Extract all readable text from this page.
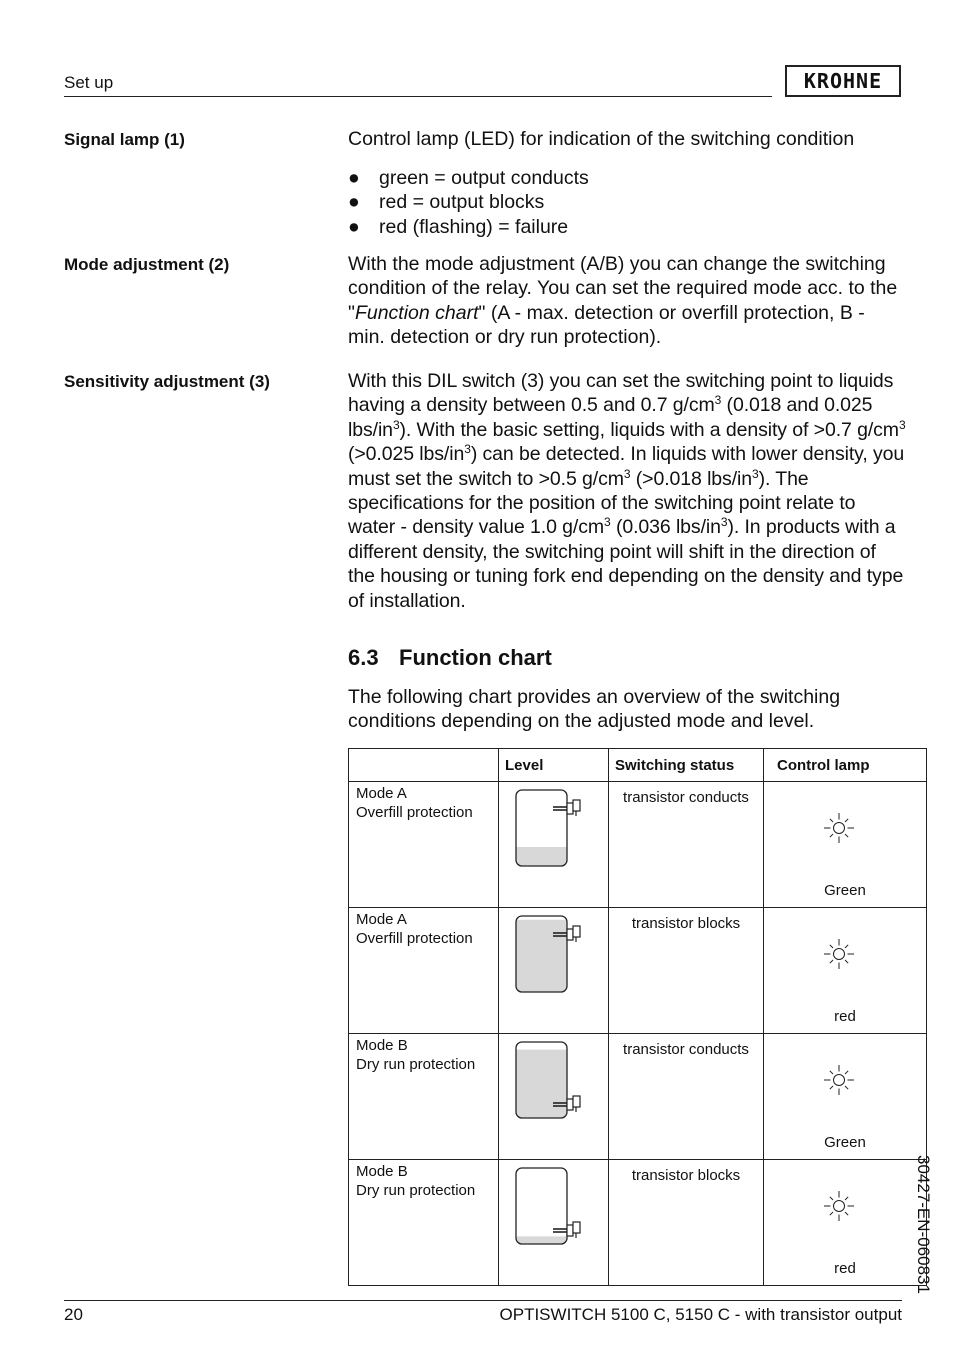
Set up	KROHNE
Signal lamp (1)	Control lamp (LED) for indication of the switching condition
● green = output conducts
● red = output blocks
● red (flashing) = failure
Mode adjustment (2)	With the mode adjustment (A/B) you can change the switching condition of the relay. You can set the required mode acc. to the "Function chart" (A - max. detection or overfill protection, B - min. detection or dry run protection).
Sensitivity adjustment (3)	With this DIL switch (3) you can set the switching point to liquids having a density between 0.5 and 0.7 $g/cm^3$ (0.018 and 0.025 lbs/$in^3$). With the basic setting, liquids with a density of >0.7 $g/cm^3$ (>0.025 lbs/$in^3$) can be detected. In liquids with lower density, you must set the switch to >0.5 $g/cm^3$ (>0.018 lbs/$in^3$). The specifications for the position of the switching point relate to water - density value 1.0 $g/cm^3$ (0.036 lbs/$in^3$). In products with a different density, the switching point will shift in the direction of the housing or tuning fork end depending on the density and type of installation.
6.3 Function chart
The following chart provides an overview of the switching conditions depending on the adjusted mode and level.
	Level	Switching status	Control lamp

Mode A
Overfill protection		transistor conducts	Green

Mode A
Overfill protection		transistor blocks	red

Mode B
Dry run protection		transistor conducts	Green

Mode B
Dry run protection		transistor blocks	red
20	OPTISWITCH 5100 C, 5150 C - with transistor output
30427-EN-060831
